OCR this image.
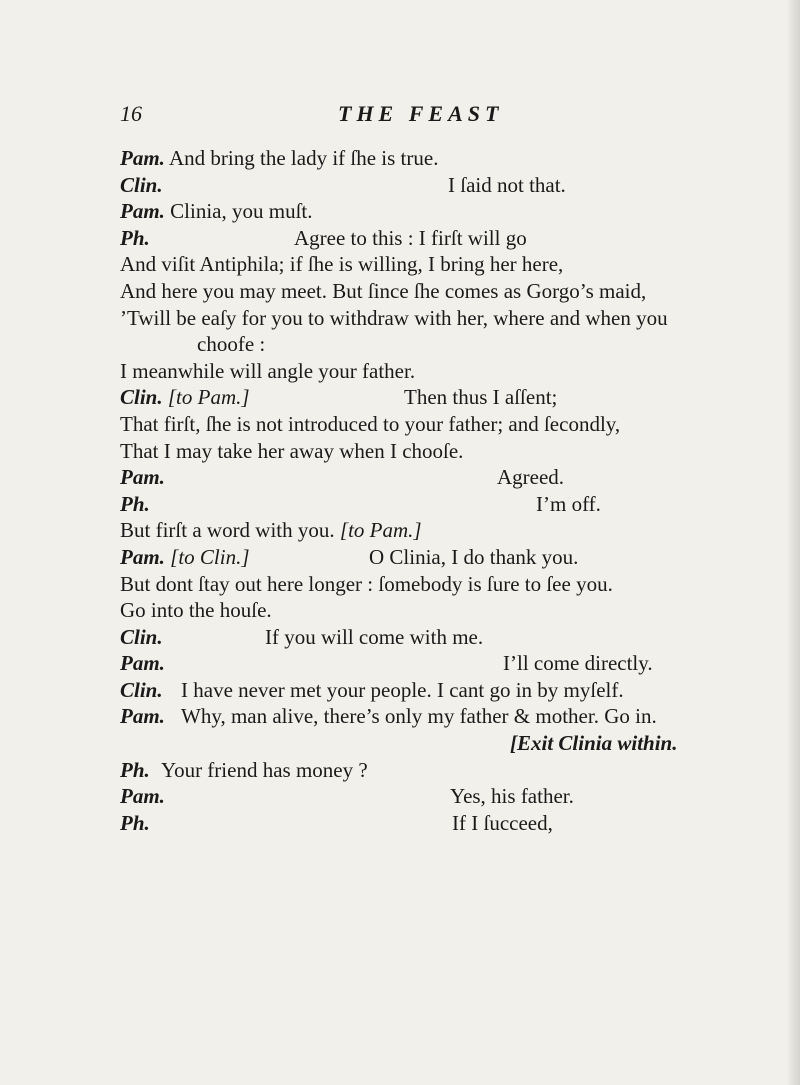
16	THE FEAST
Pam. And bring the lady if ſhe is true.
Clin.	I ſaid not that.
Pam. Clinia, you muſt.
Ph.	Agree to this : I firſt will go
And viſit Antiphila; if ſhe is willing, I bring her here,
And here you may meet. But ſince ſhe comes as Gorgo’s maid,
’Twill be eaſy for you to withdraw with her, where and when you
choofe :
I meanwhile will angle your father.
Clin. [to Pam.]	Then thus I aſſent;
That firſt, ſhe is not introduced to your father; and ſecondly,
That I may take her away when I chooſe.
Pam.	Agreed.
Ph.	I’m off.
But firſt a word with you. [to Pam.]
Pam. [to Clin.]	O Clinia, I do thank you.
But dont ſtay out here longer : ſomebody is ſure to ſee you.
Go into the houſe.
Clin.	If you will come with me.
Pam.	I’ll come directly.
Clin. I have never met your people. I cant go in by myſelf.
Pam. Why, man alive, there’s only my father & mother. Go in.
[Exit Clinia within.
Ph. Your friend has money ?
Pam.	Yes, his father.
Ph.	If I ſucceed,
